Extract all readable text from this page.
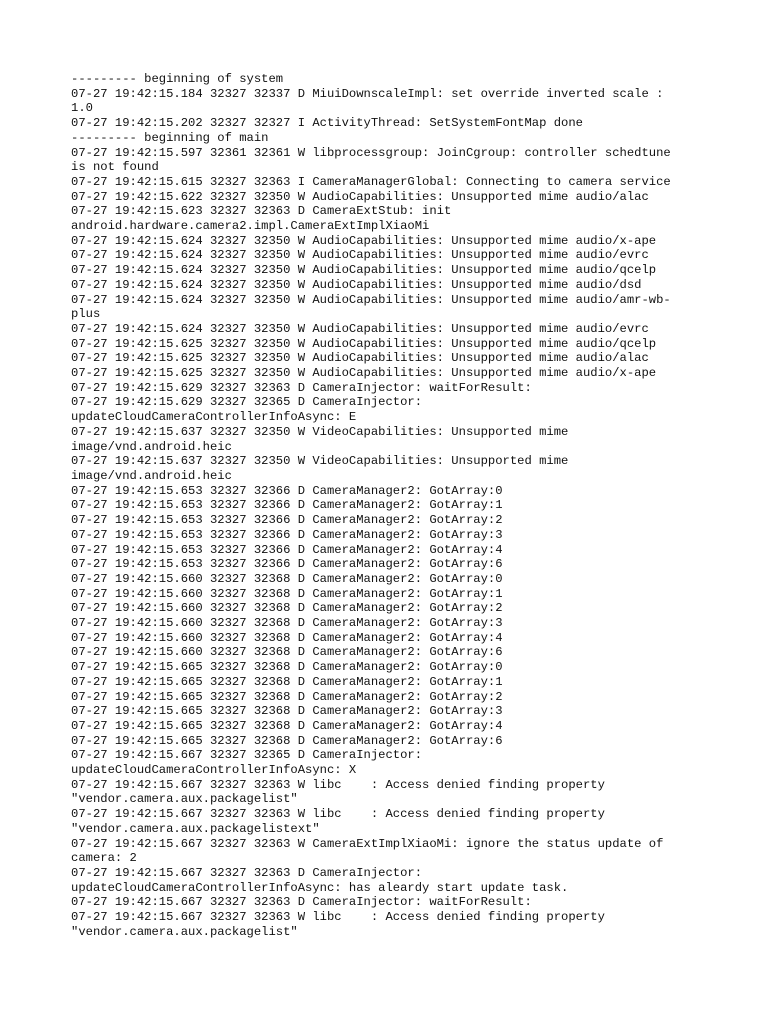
--------- beginning of system
07-27 19:42:15.184 32327 32337 D MiuiDownscaleImpl: set override inverted scale :
1.0
07-27 19:42:15.202 32327 32327 I ActivityThread: SetSystemFontMap done
--------- beginning of main
07-27 19:42:15.597 32361 32361 W libprocessgroup: JoinCgroup: controller schedtune
is not found
07-27 19:42:15.615 32327 32363 I CameraManagerGlobal: Connecting to camera service
07-27 19:42:15.622 32327 32350 W AudioCapabilities: Unsupported mime audio/alac
07-27 19:42:15.623 32327 32363 D CameraExtStub: init
android.hardware.camera2.impl.CameraExtImplXiaoMi
07-27 19:42:15.624 32327 32350 W AudioCapabilities: Unsupported mime audio/x-ape
07-27 19:42:15.624 32327 32350 W AudioCapabilities: Unsupported mime audio/evrc
07-27 19:42:15.624 32327 32350 W AudioCapabilities: Unsupported mime audio/qcelp
07-27 19:42:15.624 32327 32350 W AudioCapabilities: Unsupported mime audio/dsd
07-27 19:42:15.624 32327 32350 W AudioCapabilities: Unsupported mime audio/amr-wb-
plus
07-27 19:42:15.624 32327 32350 W AudioCapabilities: Unsupported mime audio/evrc
07-27 19:42:15.625 32327 32350 W AudioCapabilities: Unsupported mime audio/qcelp
07-27 19:42:15.625 32327 32350 W AudioCapabilities: Unsupported mime audio/alac
07-27 19:42:15.625 32327 32350 W AudioCapabilities: Unsupported mime audio/x-ape
07-27 19:42:15.629 32327 32363 D CameraInjector: waitForResult:
07-27 19:42:15.629 32327 32365 D CameraInjector:
updateCloudCameraControllerInfoAsync: E
07-27 19:42:15.637 32327 32350 W VideoCapabilities: Unsupported mime
image/vnd.android.heic
07-27 19:42:15.637 32327 32350 W VideoCapabilities: Unsupported mime
image/vnd.android.heic
07-27 19:42:15.653 32327 32366 D CameraManager2: GotArray:0
07-27 19:42:15.653 32327 32366 D CameraManager2: GotArray:1
07-27 19:42:15.653 32327 32366 D CameraManager2: GotArray:2
07-27 19:42:15.653 32327 32366 D CameraManager2: GotArray:3
07-27 19:42:15.653 32327 32366 D CameraManager2: GotArray:4
07-27 19:42:15.653 32327 32366 D CameraManager2: GotArray:6
07-27 19:42:15.660 32327 32368 D CameraManager2: GotArray:0
07-27 19:42:15.660 32327 32368 D CameraManager2: GotArray:1
07-27 19:42:15.660 32327 32368 D CameraManager2: GotArray:2
07-27 19:42:15.660 32327 32368 D CameraManager2: GotArray:3
07-27 19:42:15.660 32327 32368 D CameraManager2: GotArray:4
07-27 19:42:15.660 32327 32368 D CameraManager2: GotArray:6
07-27 19:42:15.665 32327 32368 D CameraManager2: GotArray:0
07-27 19:42:15.665 32327 32368 D CameraManager2: GotArray:1
07-27 19:42:15.665 32327 32368 D CameraManager2: GotArray:2
07-27 19:42:15.665 32327 32368 D CameraManager2: GotArray:3
07-27 19:42:15.665 32327 32368 D CameraManager2: GotArray:4
07-27 19:42:15.665 32327 32368 D CameraManager2: GotArray:6
07-27 19:42:15.667 32327 32365 D CameraInjector:
updateCloudCameraControllerInfoAsync: X
07-27 19:42:15.667 32327 32363 W libc    : Access denied finding property
"vendor.camera.aux.packagelist"
07-27 19:42:15.667 32327 32363 W libc    : Access denied finding property
"vendor.camera.aux.packagelistext"
07-27 19:42:15.667 32327 32363 W CameraExtImplXiaoMi: ignore the status update of
camera: 2
07-27 19:42:15.667 32327 32363 D CameraInjector:
updateCloudCameraControllerInfoAsync: has aleardy start update task.
07-27 19:42:15.667 32327 32363 D CameraInjector: waitForResult:
07-27 19:42:15.667 32327 32363 W libc    : Access denied finding property
"vendor.camera.aux.packagelist"
